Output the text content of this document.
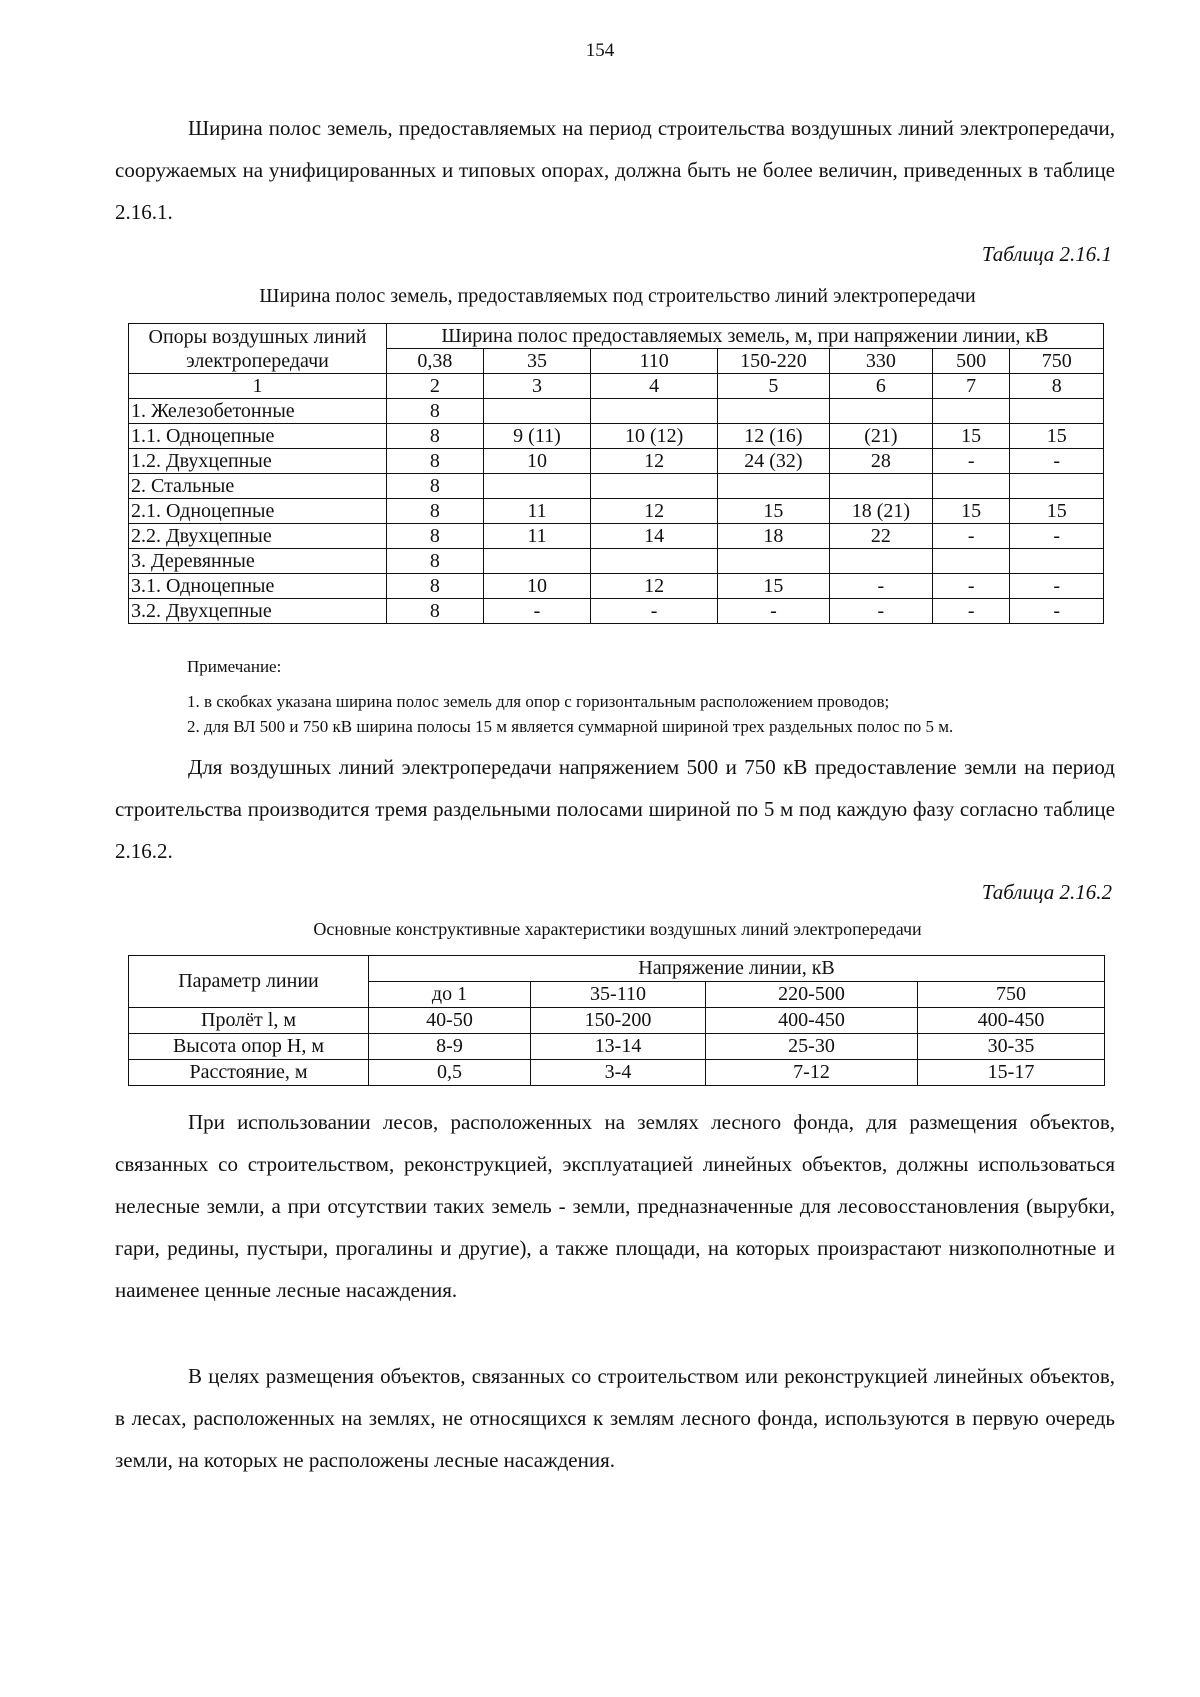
154

Ширина полос земель, предоставляемых на период строительства воздушных линий электропередачи, сооружаемых на унифицированных и типовых опорах, должна быть не более величин, приведенных в таблице 2.16.1.

Таблица 2.16.1
Ширина полос земель, предоставляемых под строительство линий электропередачи
Опоры воздушных линий электропередачи	Ширина полос предоставляемых земель, м, при напряжении линии, кВ						
	0,38	35	110	150-220	330	500	750
1	2	3	4	5	6	7	8
1. Железобетонные	8						
1.1. Одноцепные	8	9 (11)	10 (12)	12 (16)	(21)	15	15
1.2. Двухцепные	8	10	12	24 (32)	28	-	-
2. Стальные	8						
2.1. Одноцепные	8	11	12	15	18 (21)	15	15
2.2. Двухцепные	8	11	14	18	22	-	-
3. Деревянные	8						
3.1. Одноцепные	8	10	12	15	-	-	-
3.2. Двухцепные	8	-	-	-	-	-	-
Примечание:
1. в скобках указана ширина полос земель для опор с горизонтальным расположением проводов;
2. для ВЛ 500 и 750 кВ ширина полосы 15 м является суммарной шириной трех раздельных полос по 5 м.

Для воздушных линий электропередачи напряжением 500 и 750 кВ предоставление земли на период строительства производится тремя раздельными полосами шириной по 5 м под каждую фазу согласно таблице 2.16.2.

Таблица 2.16.2
Основные конструктивные характеристики воздушных линий электропередачи
Параметр линии	Напряжение линии, кВ			
	до 1	35-110	220-500	750
Пролёт l, м	40-50	150-200	400-450	400-450
Высота опор Н, м	8-9	13-14	25-30	30-35
Расстояние, м	0,5	3-4	7-12	15-17

При использовании лесов, расположенных на землях лесного фонда, для размещения объектов, связанных со строительством, реконструкцией, эксплуатацией линейных объектов, должны использоваться нелесные земли, а при отсутствии таких земель - земли, предназначенные для лесовосстановления (вырубки, гари, редины, пустыри, прогалины и другие), а также площади, на которых произрастают низкополнотные и наименее ценные лесные насаждения.

В целях размещения объектов, связанных со строительством или реконструкцией линейных объектов, в лесах, расположенных на землях, не относящихся к землям лесного фонда, используются в первую очередь земли, на которых не расположены лесные насаждения.
